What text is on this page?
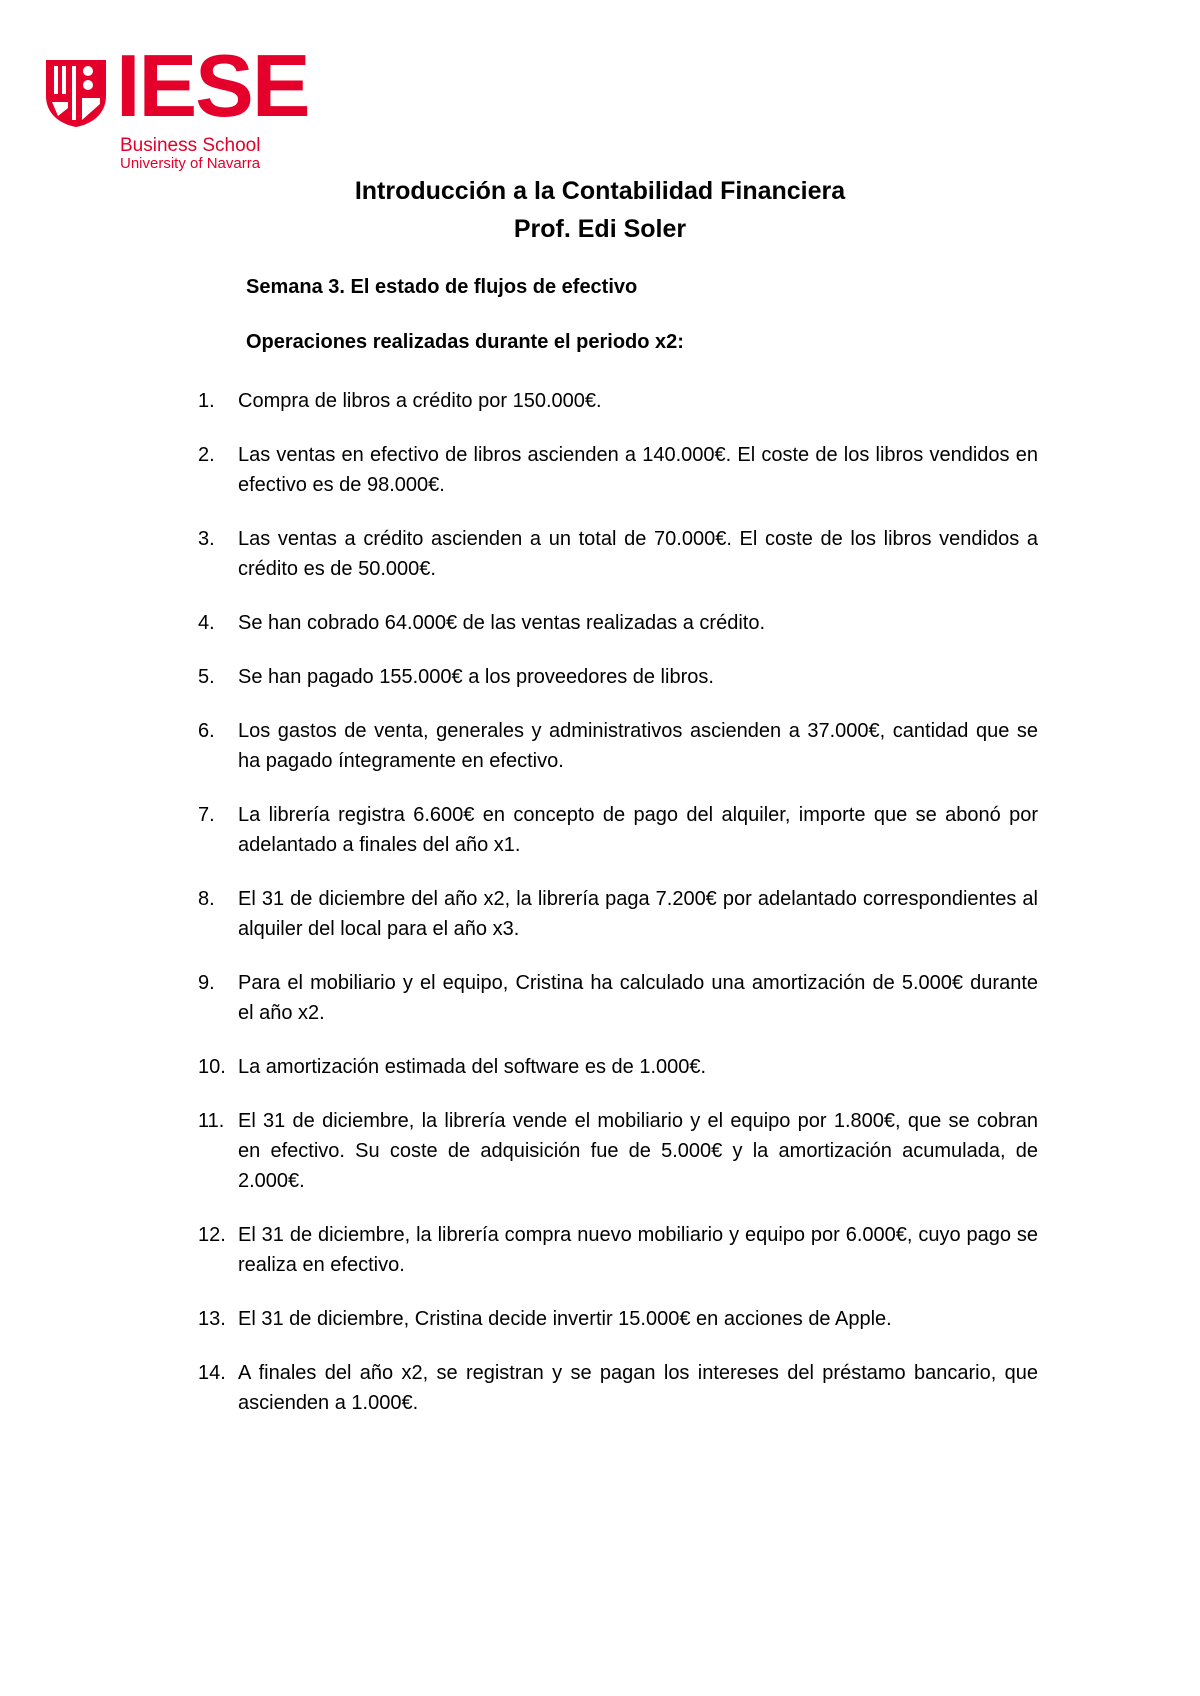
IESE
Business School
University of Navarra
Introducción a la Contabilidad Financiera
Prof. Edi Soler
Semana 3. El estado de flujos de efectivo
Operaciones realizadas durante el periodo x2:
1. Compra de libros a crédito por 150.000€.
2. Las ventas en efectivo de libros ascienden a 140.000€. El coste de los libros vendidos en efectivo es de 98.000€.
3. Las ventas a crédito ascienden a un total de 70.000€. El coste de los libros vendidos a crédito es de 50.000€.
4. Se han cobrado 64.000€ de las ventas realizadas a crédito.
5. Se han pagado 155.000€ a los proveedores de libros.
6. Los gastos de venta, generales y administrativos ascienden a 37.000€, cantidad que se ha pagado íntegramente en efectivo.
7. La librería registra 6.600€ en concepto de pago del alquiler, importe que se abonó por adelantado a finales del año x1.
8. El 31 de diciembre del año x2, la librería paga 7.200€ por adelantado correspondientes al alquiler del local para el año x3.
9. Para el mobiliario y el equipo, Cristina ha calculado una amortización de 5.000€ durante el año x2.
10. La amortización estimada del software es de 1.000€.
11. El 31 de diciembre, la librería vende el mobiliario y el equipo por 1.800€, que se cobran en efectivo. Su coste de adquisición fue de 5.000€ y la amortización acumulada, de 2.000€.
12. El 31 de diciembre, la librería compra nuevo mobiliario y equipo por 6.000€, cuyo pago se realiza en efectivo.
13. El 31 de diciembre, Cristina decide invertir 15.000€ en acciones de Apple.
14. A finales del año x2, se registran y se pagan los intereses del préstamo bancario, que ascienden a 1.000€.
